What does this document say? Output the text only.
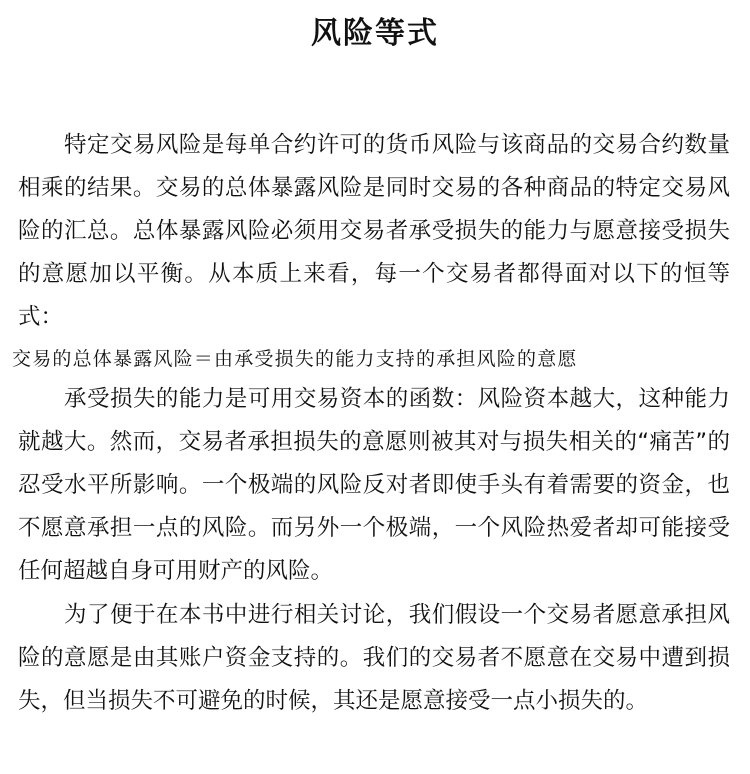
风险等式

特定交易风险是每单合约许可的货币风险与该商品的交易合约数量相乘的结果。交易的总体暴露风险是同时交易的各种商品的特定交易风险的汇总。总体暴露风险必须用交易者承受损失的能力与愿意接受损失的意愿加以平衡。从本质上来看，每一个交易者都得面对以下的恒等式：

交易的总体暴露风险＝由承受损失的能力支持的承担风险的意愿

承受损失的能力是可用交易资本的函数：风险资本越大，这种能力就越大。然而，交易者承担损失的意愿则被其对与损失相关的“痛苦”的忍受水平所影响。一个极端的风险反对者即使手头有着需要的资金，也不愿意承担一点的风险。而另外一个极端，一个风险热爱者却可能接受任何超越自身可用财产的风险。

为了便于在本书中进行相关讨论，我们假设一个交易者愿意承担风险的意愿是由其账户资金支持的。我们的交易者不愿意在交易中遭到损失，但当损失不可避免的时候，其还是愿意接受一点小损失的。
